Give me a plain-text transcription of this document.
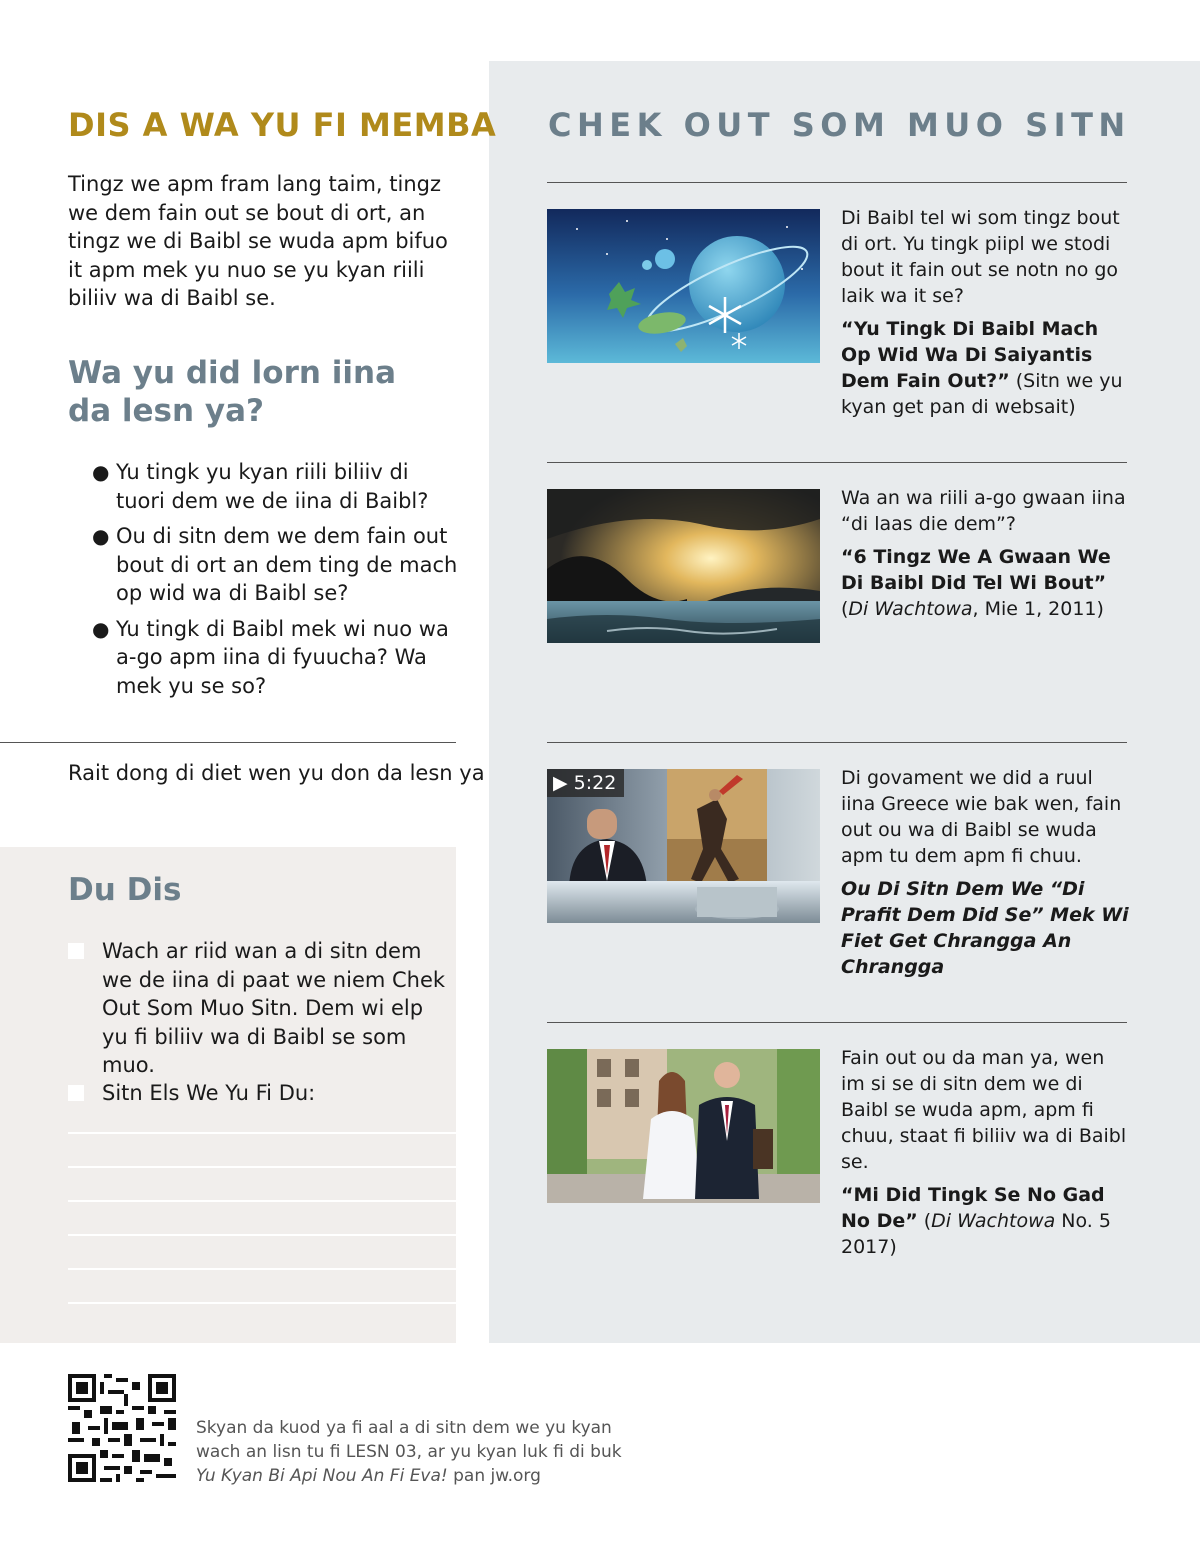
DIS A WA YU FI MEMBA

Tingz we apm fram lang taim, tingz we dem fain out se bout di ort, an tingz we di Baibl se wuda apm bifuo it apm mek yu nuo se yu kyan riili biliiv wa di Baibl se.

Wa yu did lorn iina
da lesn ya?
● Yu tingk yu kyan riili biliiv di tuori dem we de iina di Baibl?
● Ou di sitn dem we dem fain out bout di ort an dem ting de mach op wid wa di Baibl se?
● Yu tingk di Baibl mek wi nuo wa a-go apm iina di fyuucha? Wa mek yu se so?
Rait dong di diet wen yu don da lesn ya
Du Dis
Wach ar riid wan a di sitn dem we de iina di paat we niem Chek Out Som Muo Sitn. Dem wi elp yu fi biliiv wa di Baibl se som muo.
Sitn Els We Yu Fi Du:
CHEK OUT SOM MUO SITN

Di Baibl tel wi som tingz bout di ort. Yu tingk piipl we stodi bout it fain out se notn no go laik wa it se?

“Yu Tingk Di Baibl Mach Op Wid Wa Di Saiyantis Dem Fain Out?” (Sitn we yu kyan get pan di websait)

Wa an wa riili a-go gwaan iina “di laas die dem”?

“6 Tingz We A Gwaan We Di Baibl Did Tel Wi Bout” (Di Wachtowa, Mie 1, 2011)

▶ 5:22	Di govament we did a ruul iina Greece wie bak wen, fain out ou wa di Baibl se wuda apm tu dem apm fi chuu.

Ou Di Sitn Dem We “Di Prafit Dem Did Se” Mek Wi Fiet Get Chrangga An Chrangga

Fain out ou da man ya, wen im si se di sitn dem we di Baibl se wuda apm, apm fi chuu, staat fi biliiv wa di Baibl se.

“Mi Did Tingk Se No Gad No De” (Di Wachtowa No. 5 2017)

Skyan da kuod ya fi aal a di sitn dem we yu kyan
wach an lisn tu fi LESN 03, ar yu kyan luk fi di buk
Yu Kyan Bi Api Nou An Fi Eva! pan jw.org
